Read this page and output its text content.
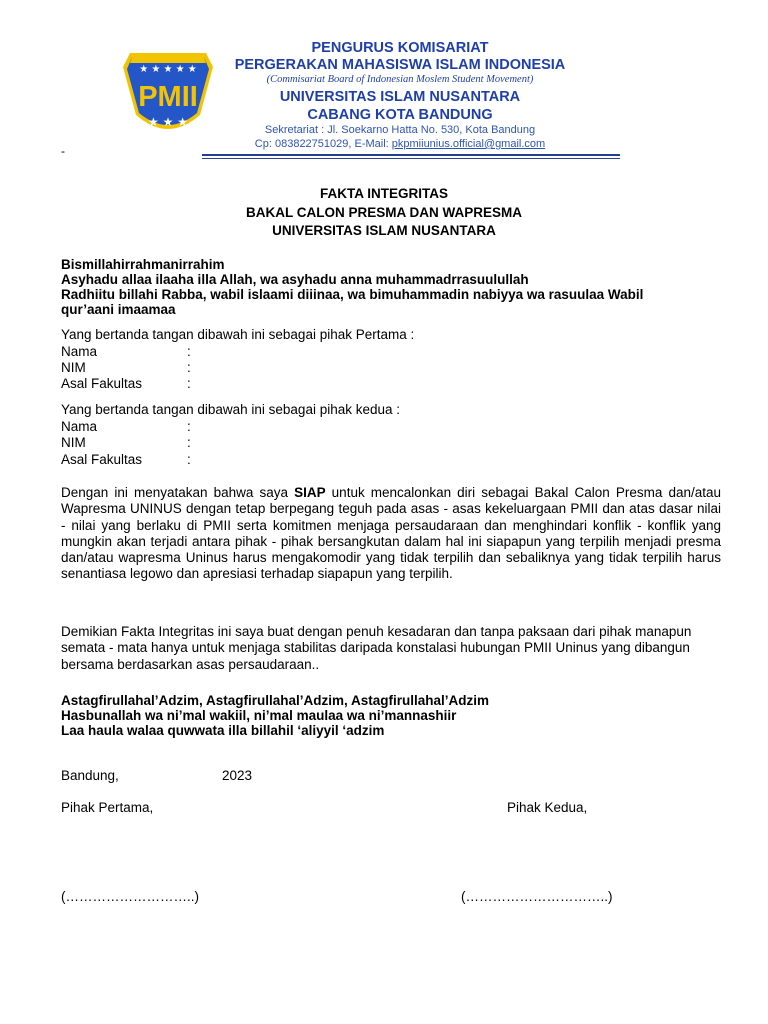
★ ★ ★ ★ ★
PMII
★ ★ ★
PENGURUS KOMISARIAT
PERGERAKAN MAHASISWA ISLAM INDONESIA
(Commisariat Board of Indonesian Moslem Student Movement)
UNIVERSITAS ISLAM NUSANTARA
CABANG KOTA BANDUNG
Sekretariat : Jl. Soekarno Hatta No. 530, Kota Bandung
Cp: 083822751029, E-Mail: pkpmiiunius.official@gmail.com
-
FAKTA INTEGRITAS
BAKAL CALON PRESMA DAN WAPRESMA
UNIVERSITAS ISLAM NUSANTARA
Bismillahirrahmanirrahim
Asyhadu allaa ilaaha illa Allah, wa asyhadu anna muhammadrrasuulullah
Radhiitu billahi Rabba, wabil islaami diiinaa, wa bimuhammadin nabiyya wa rasuulaa Wabil
qur’aani imaamaa
Yang bertanda tangan dibawah ini sebagai pihak Pertama :
Nama	:
NIM	:
Asal Fakultas	:
Yang bertanda tangan dibawah ini sebagai pihak kedua :
Nama	:
NIM	:
Asal Fakultas	:
Dengan ini menyatakan bahwa saya SIAP untuk mencalonkan diri sebagai Bakal Calon Presma dan/atau Wapresma UNINUS dengan tetap berpegang teguh pada asas - asas kekeluargaan PMII dan atas dasar nilai - nilai yang berlaku di PMII serta komitmen menjaga persaudaraan dan menghindari konflik - konflik yang mungkin akan terjadi antara pihak - pihak bersangkutan dalam hal ini siapapun yang terpilih menjadi presma dan/atau wapresma Uninus harus mengakomodir yang tidak terpilih dan sebaliknya yang tidak terpilih harus senantiasa legowo dan apresiasi terhadap siapapun yang terpilih.
Demikian Fakta Integritas ini saya buat dengan penuh kesadaran dan tanpa paksaan dari pihak manapun semata - mata hanya untuk menjaga stabilitas daripada konstalasi hubungan PMII Uninus yang dibangun bersama berdasarkan asas persaudaraan..
Astagfirullahal’Adzim, Astagfirullahal’Adzim, Astagfirullahal’Adzim
Hasbunallah wa ni’mal wakiil, ni’mal maulaa wa ni’mannashiir
Laa haula walaa quwwata illa billahil ‘aliyyil ‘adzim
Bandung,	2023
Pihak Pertama,	Pihak Kedua,
(………………………..)	(…………………………..)
